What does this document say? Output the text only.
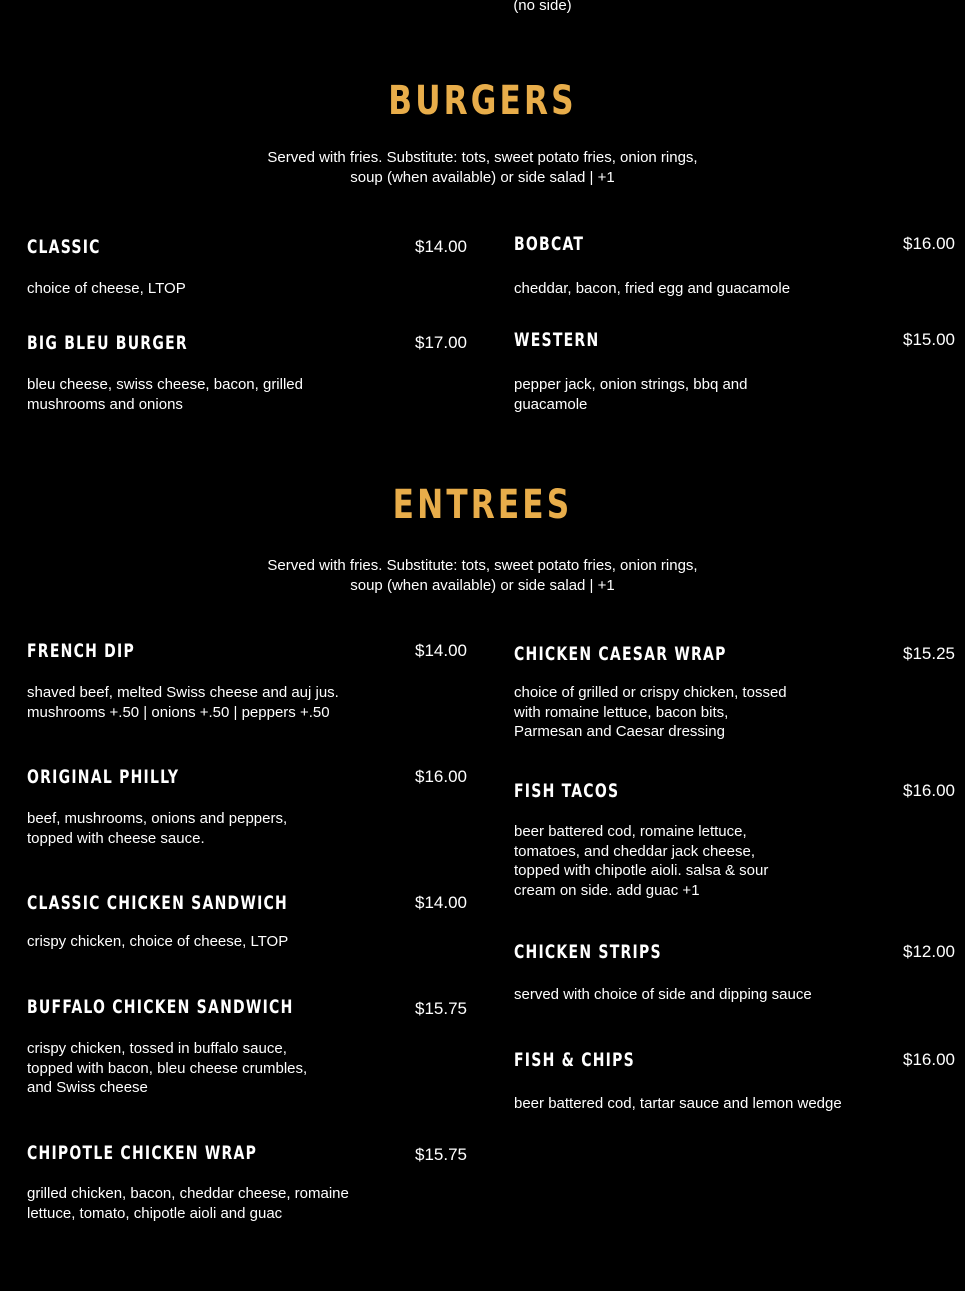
(no side)
BURGERS
Served with fries. Substitute: tots, sweet potato fries, onion rings,
soup (when available) or side salad | +1
CLASSIC	$14.00
choice of cheese, LTOP
BOBCAT	$16.00
cheddar, bacon, fried egg and guacamole
BIG BLEU BURGER	$17.00
bleu cheese, swiss cheese, bacon, grilled
mushrooms and onions
WESTERN	$15.00
pepper jack, onion strings, bbq and
guacamole
ENTREES
Served with fries. Substitute: tots, sweet potato fries, onion rings,
soup (when available) or side salad | +1
FRENCH DIP	$14.00
shaved beef, melted Swiss cheese and auj jus.
mushrooms +.50 | onions +.50 | peppers +.50
CHICKEN CAESAR WRAP	$15.25
choice of grilled or crispy chicken, tossed
with romaine lettuce, bacon bits,
Parmesan and Caesar dressing
ORIGINAL PHILLY	$16.00
beef, mushrooms, onions and peppers,
topped with cheese sauce.
FISH TACOS	$16.00
beer battered cod, romaine lettuce,
tomatoes, and cheddar jack cheese,
topped with chipotle aioli. salsa & sour
cream on side. add guac +1
CLASSIC CHICKEN SANDWICH	$14.00
crispy chicken, choice of cheese, LTOP	CHICKEN STRIPS	$12.00
served with choice of side and dipping sauce
BUFFALO CHICKEN SANDWICH	$15.75
crispy chicken, tossed in buffalo sauce,
topped with bacon, bleu cheese crumbles,
and Swiss cheese
FISH & CHIPS	$16.00
beer battered cod, tartar sauce and lemon wedge
CHIPOTLE CHICKEN WRAP	$15.75
grilled chicken, bacon, cheddar cheese, romaine
lettuce, tomato, chipotle aioli and guac
